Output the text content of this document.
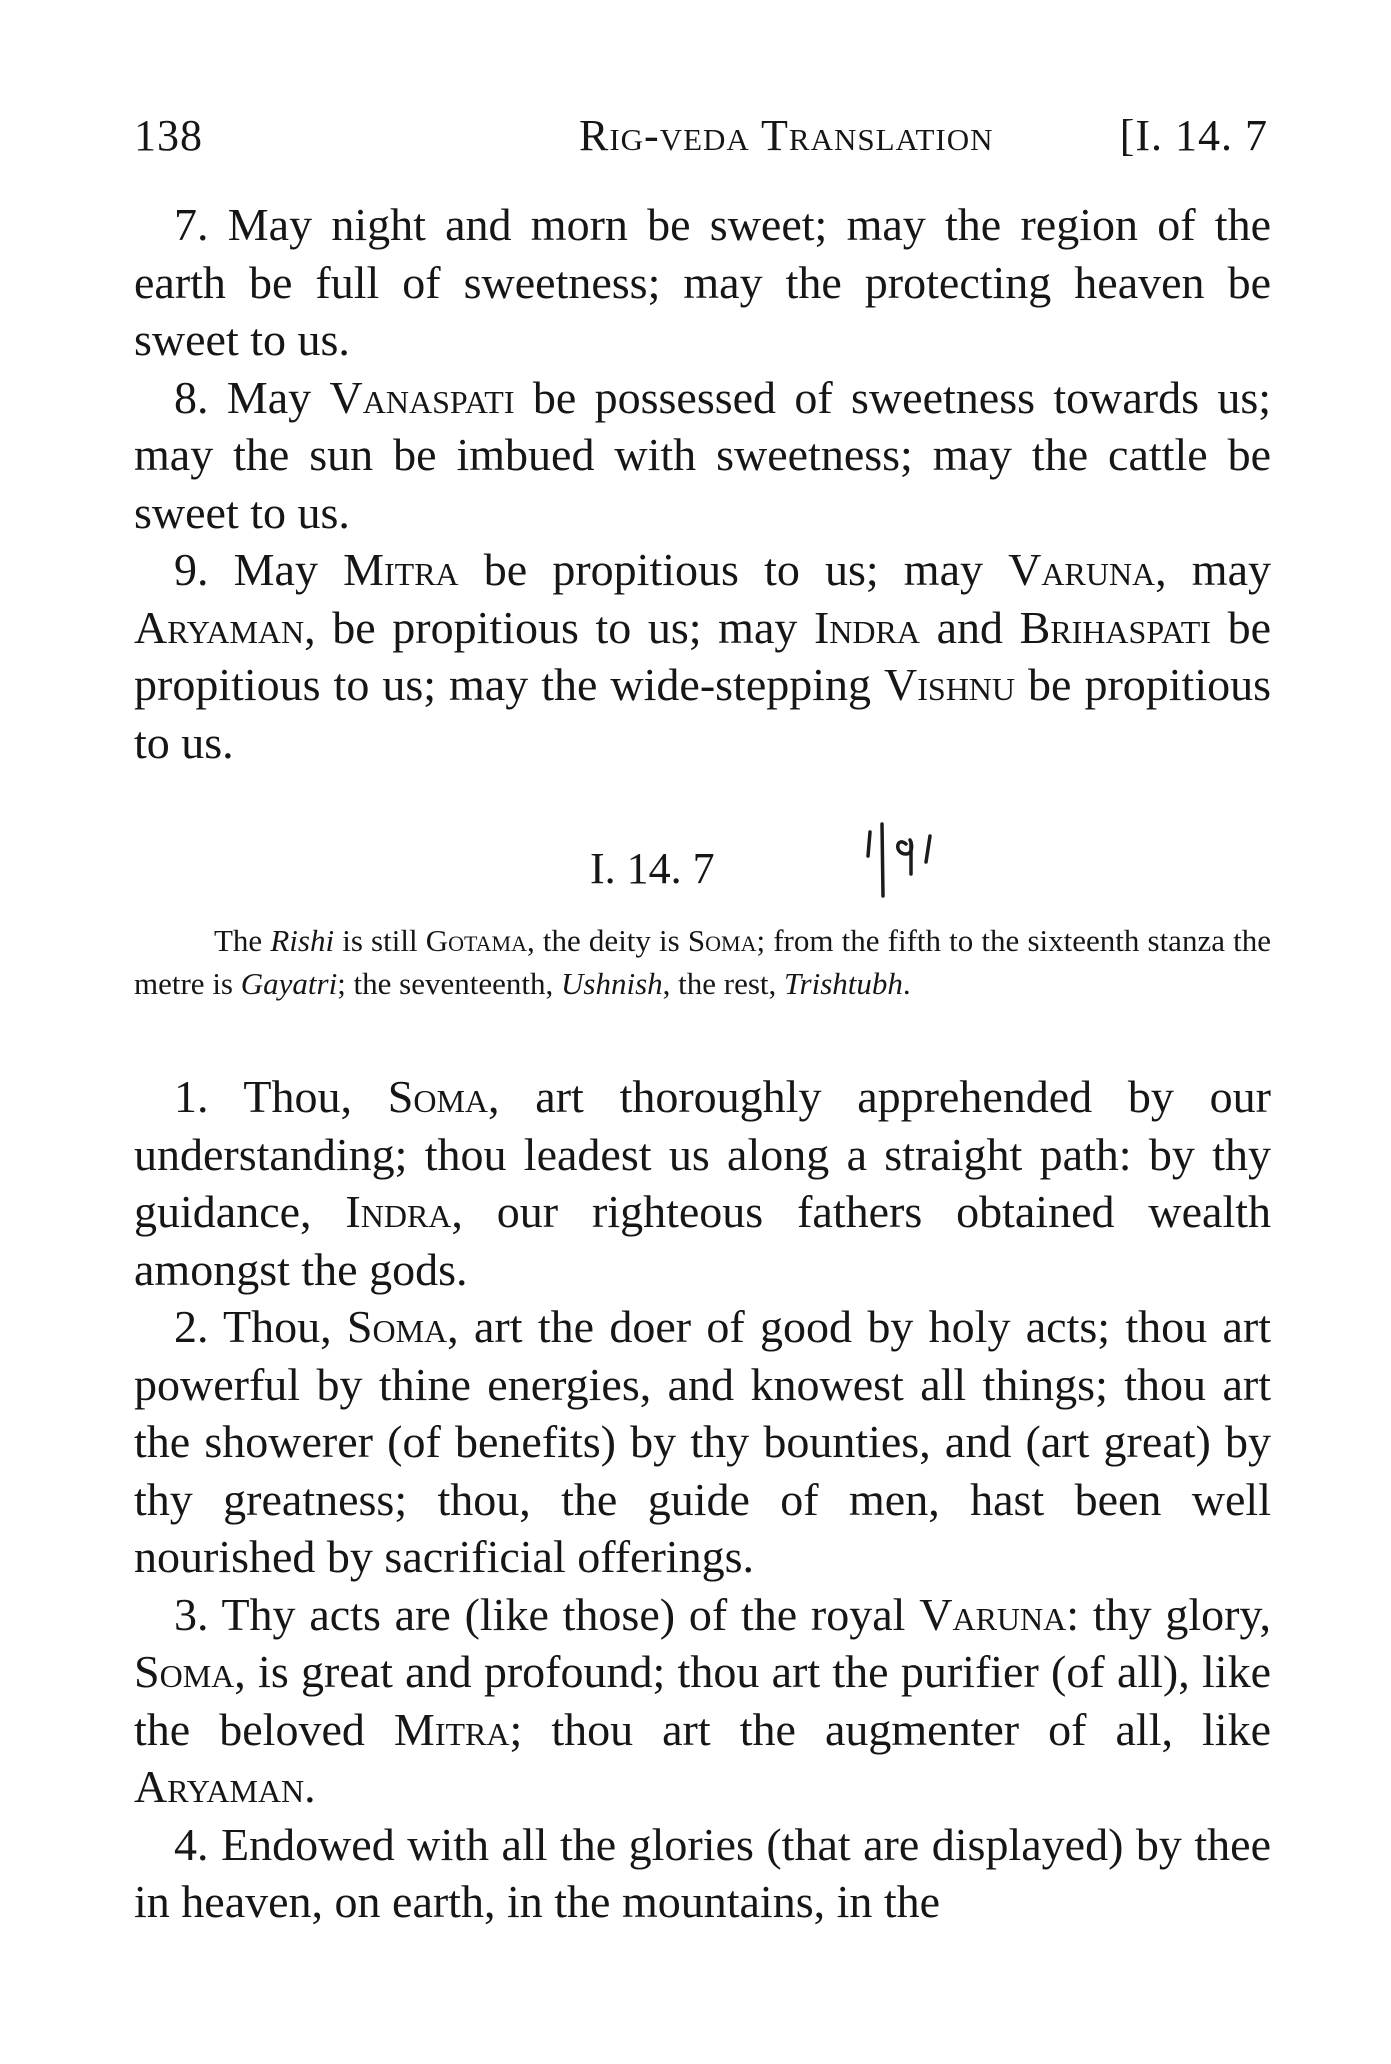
138	Rig-veda Translation	[I. 14. 7

7. May night and morn be sweet; may the region of the earth be full of sweetness; may the protecting heaven be sweet to us.

8. May Vanaspati be possessed of sweetness towards us; may the sun be imbued with sweetness; may the cattle be sweet to us.

9. May Mitra be propitious to us; may Varuna, may Aryaman, be propitious to us; may Indra and Brihaspati be propitious to us; may the wide-stepping Vishnu be propitious to us.

I. 14. 7

The Rishi is still Gotama, the deity is Soma; from the fifth to the sixteenth stanza the metre is Gayatri; the seventeenth, Ushnish, the rest, Trishtubh.

1. Thou, Soma, art thoroughly apprehended by our understanding; thou leadest us along a straight path: by thy guidance, Indra, our righteous fathers obtained wealth amongst the gods.

2. Thou, Soma, art the doer of good by holy acts; thou art powerful by thine energies, and knowest all things; thou art the showerer (of benefits) by thy bounties, and (art great) by thy greatness; thou, the guide of men, hast been well nourished by sacrificial offerings.

3. Thy acts are (like those) of the royal Varuna: thy glory, Soma, is great and profound; thou art the purifier (of all), like the beloved Mitra; thou art the augmenter of all, like Aryaman.

4. Endowed with all the glories (that are displayed) by thee in heaven, on earth, in the mountains, in the
